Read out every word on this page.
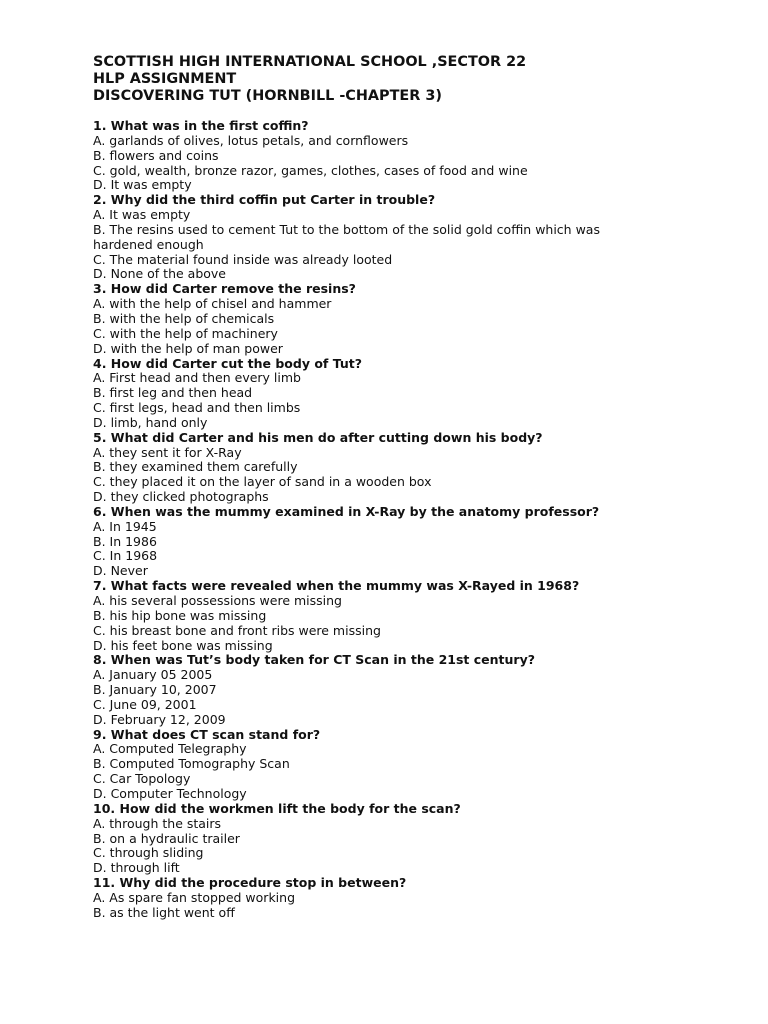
SCOTTISH HIGH INTERNATIONAL SCHOOL ,SECTOR 22
HLP ASSIGNMENT
DISCOVERING TUT (HORNBILL -CHAPTER 3)
1. What was in the first coffin?
A. garlands of olives, lotus petals, and cornflowers
B. flowers and coins
C. gold, wealth, bronze razor, games, clothes, cases of food and wine
D. It was empty
2. Why did the third coffin put Carter in trouble?
A. It was empty
B. The resins used to cement Tut to the bottom of the solid gold coffin which was hardened enough
C. The material found inside was already looted
D. None of the above
3. How did Carter remove the resins?
A. with the help of chisel and hammer
B. with the help of chemicals
C. with the help of machinery
D. with the help of man power
4. How did Carter cut the body of Tut?
A. First head and then every limb
B. first leg and then head
C. first legs, head and then limbs
D. limb, hand only
5. What did Carter and his men do after cutting down his body?
A. they sent it for X-Ray
B. they examined them carefully
C. they placed it on the layer of sand in a wooden box
D. they clicked photographs
6. When was the mummy examined in X-Ray by the anatomy professor?
A. In 1945
B. In 1986
C. In 1968
D. Never
7. What facts were revealed when the mummy was X-Rayed in 1968?
A. his several possessions were missing
B. his hip bone was missing
C. his breast bone and front ribs were missing
D. his feet bone was missing
8. When was Tut’s body taken for CT Scan in the 21st century?
A. January 05 2005
B. January 10, 2007
C. June 09, 2001
D. February 12, 2009
9. What does CT scan stand for?
A. Computed Telegraphy
B. Computed Tomography Scan
C. Car Topology
D. Computer Technology
10. How did the workmen lift the body for the scan?
A. through the stairs
B. on a hydraulic trailer
C. through sliding
D. through lift
11. Why did the procedure stop in between?
A. As spare fan stopped working
B. as the light went off
